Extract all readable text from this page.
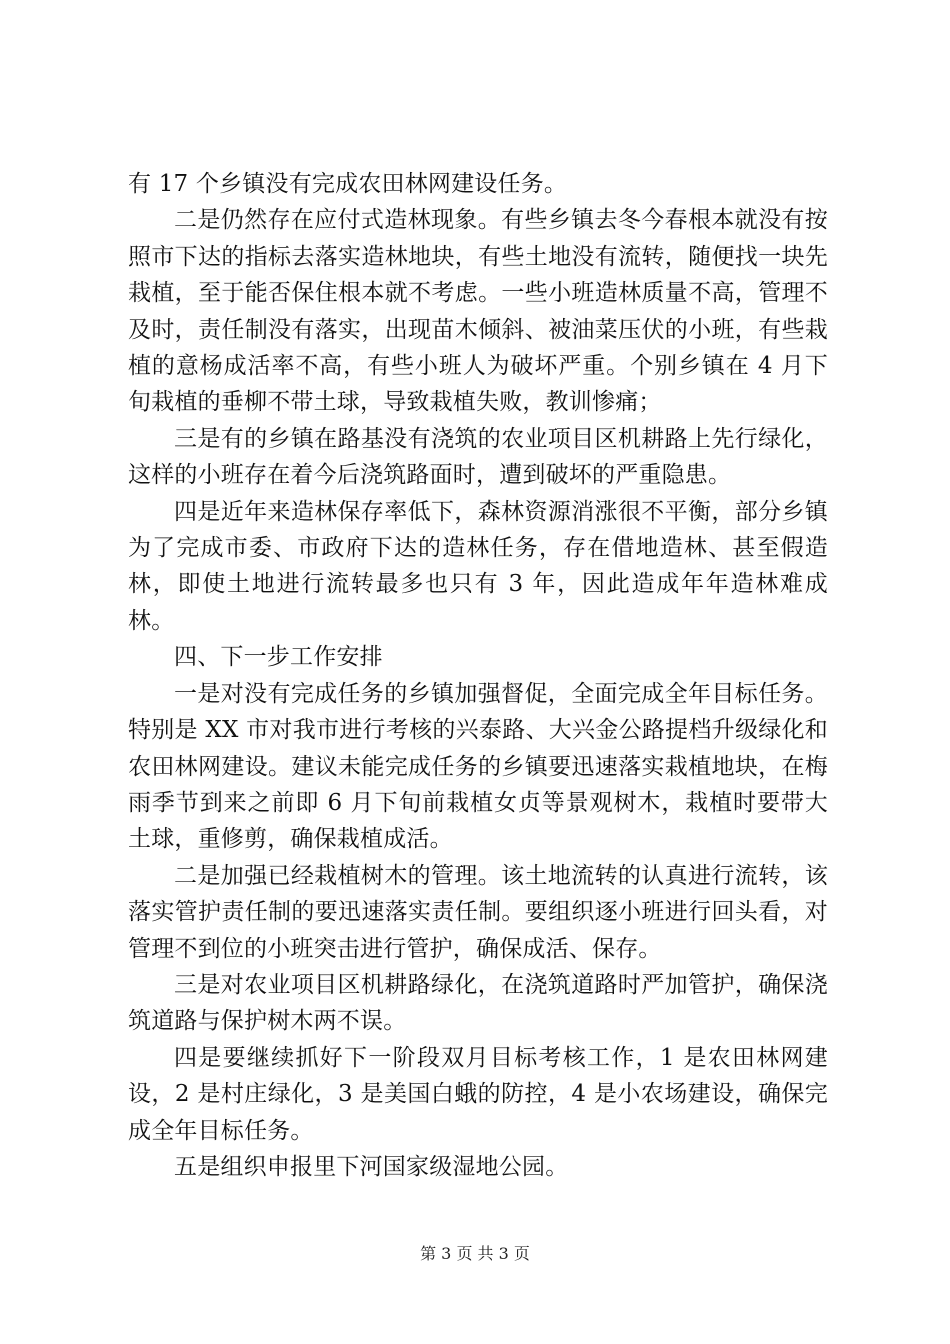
有 17 个乡镇没有完成农田林网建设任务。

二是仍然存在应付式造林现象。有些乡镇去冬今春根本就没有按照市下达的指标去落实造林地块，有些土地没有流转，随便找一块先栽植，至于能否保住根本就不考虑。一些小班造林质量不高，管理不及时，责任制没有落实，出现苗木倾斜、被油菜压伏的小班，有些栽植的意杨成活率不高，有些小班人为破坏严重。个别乡镇在 4 月下旬栽植的垂柳不带土球，导致栽植失败，教训惨痛；

三是有的乡镇在路基没有浇筑的农业项目区机耕路上先行绿化，这样的小班存在着今后浇筑路面时，遭到破坏的严重隐患。

四是近年来造林保存率低下，森林资源消涨很不平衡，部分乡镇为了完成市委、市政府下达的造林任务，存在借地造林、甚至假造林，即使土地进行流转最多也只有 3 年，因此造成年年造林难成林。

四、下一步工作安排

一是对没有完成任务的乡镇加强督促，全面完成全年目标任务。特别是 XX 市对我市进行考核的兴泰路、大兴金公路提档升级绿化和农田林网建设。建议未能完成任务的乡镇要迅速落实栽植地块，在梅雨季节到来之前即 6 月下旬前栽植女贞等景观树木，栽植时要带大土球，重修剪，确保栽植成活。

二是加强已经栽植树木的管理。该土地流转的认真进行流转，该落实管护责任制的要迅速落实责任制。要组织逐小班进行回头看，对管理不到位的小班突击进行管护，确保成活、保存。

三是对农业项目区机耕路绿化，在浇筑道路时严加管护，确保浇筑道路与保护树木两不误。

四是要继续抓好下一阶段双月目标考核工作，1 是农田林网建设，2 是村庄绿化，3 是美国白蛾的防控，4 是小农场建设，确保完成全年目标任务。

五是组织申报里下河国家级湿地公园。

第 3 页 共 3 页
